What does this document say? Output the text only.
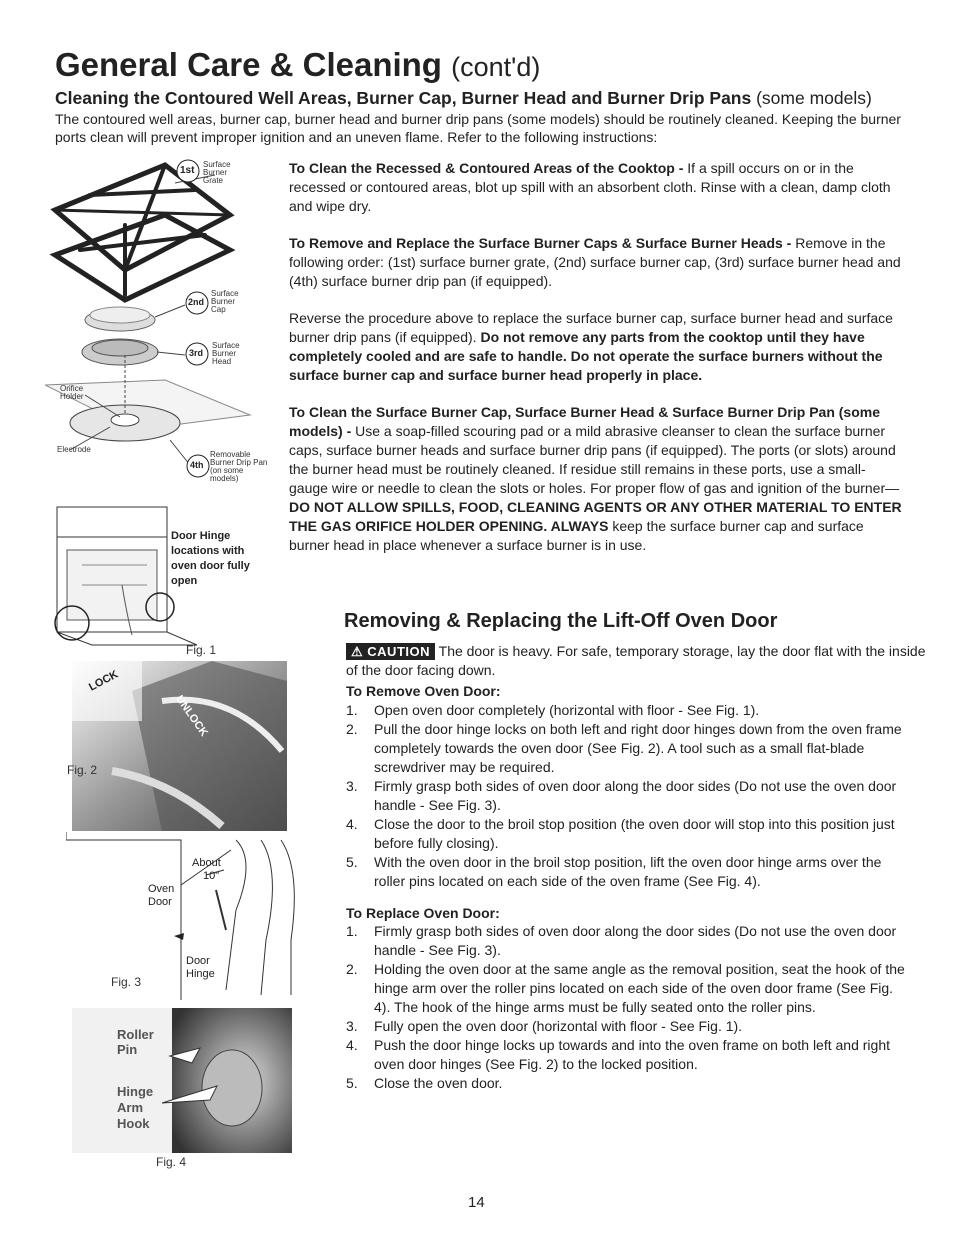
General Care & Cleaning (cont'd)
Cleaning the Contoured Well Areas, Burner Cap, Burner Head and Burner Drip Pans (some models)

The contoured well areas, burner cap, burner head and burner drip pans (some models) should be routinely cleaned. Keeping the burner ports clean will prevent improper ignition and an uneven flame. Refer to the following instructions:

1st
Surface Burner Grate
2nd
Surface Burner Cap
3rd
Surface Burner Head
4th
Removable Burner Drip Pan (on some models)
Orifice Holder
Electrode
Door Hinge locations with oven door fully open
Fig. 1
LOCK
UNLOCK
Fig. 2
About
10"
Oven Door
Door Hinge
Fig. 3
Roller Pin
Hinge Arm Hook
Fig. 4

To Clean the Recessed & Contoured Areas of the Cooktop - If a spill occurs on or in the recessed or contoured areas, blot up spill with an absorbent cloth. Rinse with a clean, damp cloth and wipe dry.

To Remove and Replace the Surface Burner Caps & Surface Burner Heads - Remove in the following order: (1st) surface burner grate, (2nd) surface burner cap, (3rd) surface burner head and (4th) surface burner drip pan (if equipped).

Reverse the procedure above to replace the surface burner cap, surface burner head and surface burner drip pans (if equipped). Do not remove any parts from the cooktop until they have completely cooled and are safe to handle. Do not operate the surface burners without the surface burner cap and surface burner head properly in place.

To Clean the Surface Burner Cap, Surface Burner Head & Surface Burner Drip Pan (some models) - Use a soap-filled scouring pad or a mild abrasive cleanser to clean the surface burner caps, surface burner heads and surface burner drip pans (if equipped). The ports (or slots) around the burner head must be routinely cleaned. If residue still remains in these ports, use a small-gauge wire or needle to clean the slots or holes. For proper flow of gas and ignition of the burner—DO NOT ALLOW SPILLS, FOOD, CLEANING AGENTS OR ANY OTHER MATERIAL TO ENTER THE GAS ORIFICE HOLDER OPENING. ALWAYS keep the surface burner cap and surface burner head in place whenever a surface burner is in use.

Removing & Replacing the Lift-Off Oven Door
⚠ CAUTION The door is heavy. For safe, temporary storage, lay the door flat with the inside of the door facing down.
To Remove Oven Door:
1. Open oven door completely (horizontal with floor - See Fig. 1).
2. Pull the door hinge locks on both left and right door hinges down from the oven frame completely towards the oven door (See Fig. 2). A tool such as a small flat-blade screwdriver may be required.
3. Firmly grasp both sides of oven door along the door sides (Do not use the oven door handle - See Fig. 3).
4. Close the door to the broil stop position (the oven door will stop into this position just before fully closing).
5. With the oven door in the broil stop position, lift the oven door hinge arms over the roller pins located on each side of the oven frame (See Fig. 4).
To Replace Oven Door:
1. Firmly grasp both sides of oven door along the door sides (Do not use the oven door handle - See Fig. 3).
2. Holding the oven door at the same angle as the removal position, seat the hook of the hinge arm over the roller pins located on each side of the oven door frame (See Fig. 4). The hook of the hinge arms must be fully seated onto the roller pins.
3. Fully open the oven door (horizontal with floor - See Fig. 1).
4. Push the door hinge locks up towards and into the oven frame on both left and right oven door hinges (See Fig. 2) to the locked position.
5. Close the oven door.
14
